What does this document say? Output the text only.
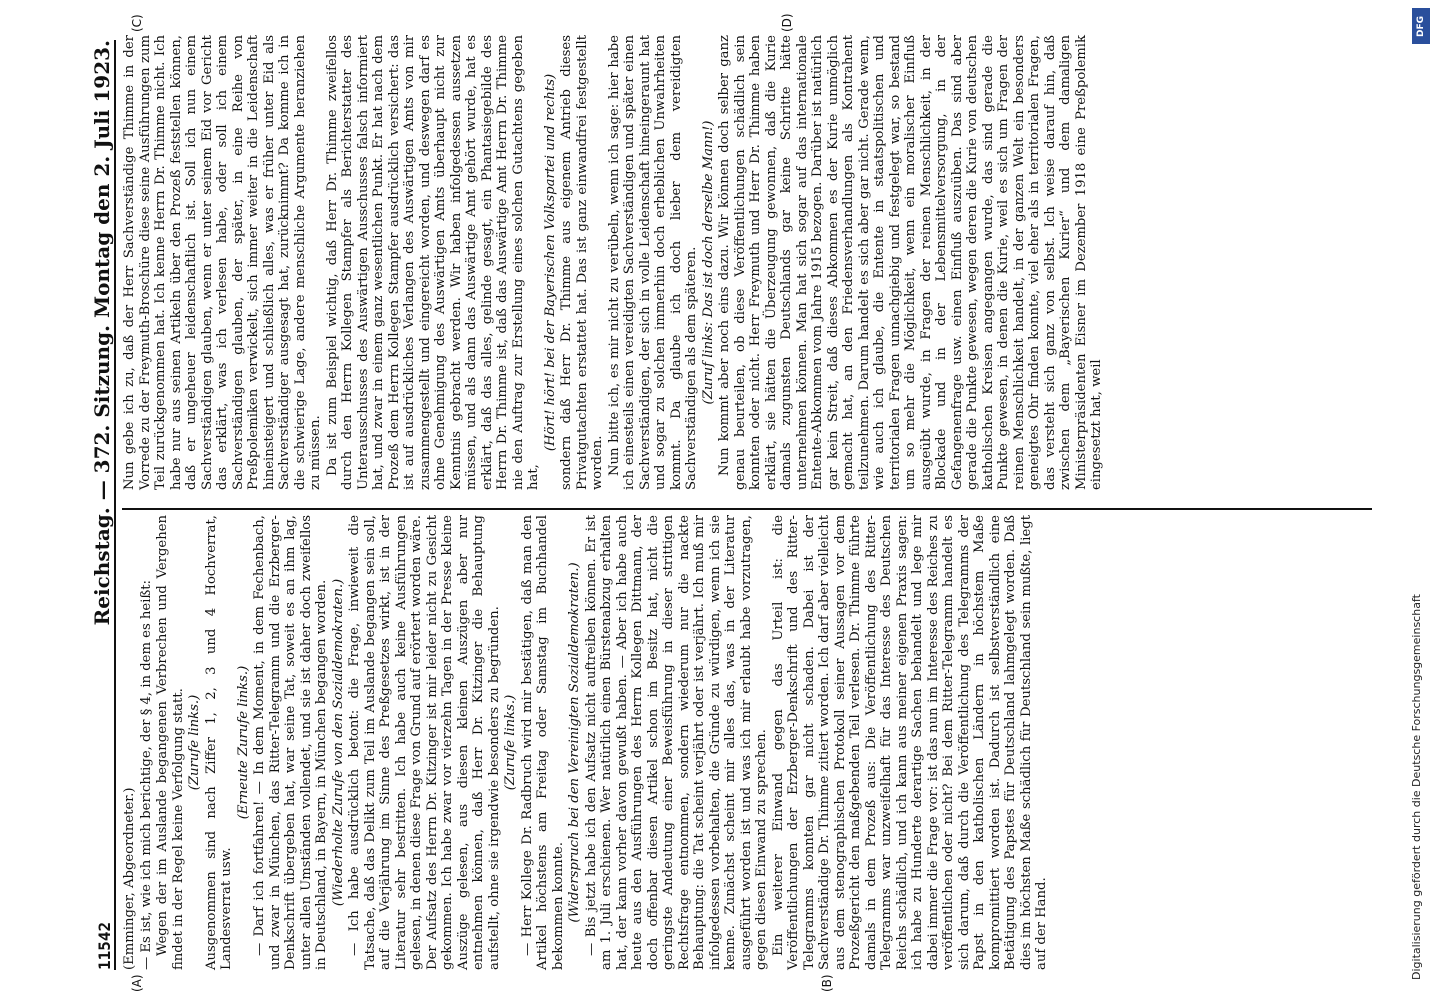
11542
Reichstag. — 372. Sitzung. Montag den 2. Juli 1923.
(A)	(B)
(C)	(D)

(Emminger, Abgeordneter.) — Es ist, wie ich mich berichtige, der § 4, in dem es heißt: Wegen der im Auslande begangenen Verbrechen und Vergehen findet in der Regel keine Verfolgung statt. (Zurufe links.) Ausgenommen sind nach Ziffer 1, 2, 3 und 4 Hochverrat, Landesverrat usw.

(Erneute Zurufe links.) — Darf ich fortfahren! — In dem Moment, in dem Fechenbach, und zwar in München, das Ritter-Telegramm und die Erzberger-Denkschrift übergeben hat, war seine Tat, soweit es an ihm lag, unter allen Umständen vollendet, und sie ist daher doch zweifellos in Deutschland, in Bayern, in München begangen worden. (Wiederholte Zurufe von den Sozialdemokraten.) — Ich habe ausdrücklich betont: die Frage, inwieweit die Tatsache, daß das Delikt zum Teil im Auslande begangen sein soll, auf die Verjährung im Sinne des Preßgesetzes wirkt, ist in der Literatur sehr bestritten. Ich habe auch keine Ausführungen gelesen, in denen diese Frage von Grund auf erörtert worden wäre. Der Aufsatz des Herrn Dr. Kitzinger ist mir leider nicht zu Gesicht gekommen. Ich habe zwar vor vierzehn Tagen in der Presse kleine Auszüge gelesen, aus diesen kleinen Auszügen aber nur entnehmen können, daß Herr Dr. Kitzinger die Behauptung aufstellt, ohne sie irgendwie besonders zu begründen. (Zurufe links.) — Herr Kollege Dr. Radbruch wird mir bestätigen, daß man den Artikel höchstens am Freitag oder Samstag im Buchhandel bekommen konnte. (Widerspruch bei den Vereinigten Sozialdemokraten.) — Bis jetzt habe ich den Aufsatz nicht auftreiben können. Er ist am 1. Juli erschienen. Wer natürlich einen Bürstenabzug erhalten hat, der kann vorher davon gewußt haben. — Aber ich habe auch heute aus den Ausführungen des Herrn Kollegen Dittmann, der doch offenbar diesen Artikel schon im Besitz hat, nicht die geringste Andeutung einer Beweisführung in dieser strittigen Rechtsfrage entnommen, sondern wiederum nur die nackte Behauptung: die Tat scheint verjährt oder ist verjährt. Ich muß mir infolgedessen vorbehalten, die Gründe zu würdigen, wenn ich sie kenne. Zunächst scheint mir alles das, was in der Literatur ausgeführt worden ist und was ich mir erlaubt habe vorzutragen, gegen diesen Einwand zu sprechen. Ein weiterer Einwand gegen das Urteil ist: die Veröffentlichungen der Erzberger-Denkschrift und des Ritter-Telegramms konnten gar nicht schaden. Dabei ist der Sachverständige Dr. Thimme zitiert worden. Ich darf aber vielleicht aus dem stenographischen Protokoll seiner Aussagen vor dem Prozeßgericht den maßgebenden Teil verlesen. Dr. Thimme führte damals in dem Prozeß aus: Die Veröffentlichung des Ritter-Telegramms war unzweifelhaft für das Interesse des Deutschen Reichs schädlich, und ich kann aus meiner eigenen Praxis sagen: ich habe zu Hunderte derartige Sachen behandelt und lege mir dabei immer die Frage vor: ist das nun im Interesse des Reiches zu veröffentlichen oder nicht? Bei dem Ritter-Telegramm handelt es sich darum, daß durch die Veröffentlichung des Telegramms der Papst in den katholischen Ländern in höchstem Maße kompromittiert worden ist. Dadurch ist selbstverständlich eine Betätigung des Papstes für Deutschland lahmgelegt worden. Daß dies im höchsten Maße schädlich für Deutschland sein mußte, liegt auf der Hand.

Nun gebe ich zu, daß der Herr Sachverständige Thimme in der Vorrede zu der Freymuth-Broschüre diese seine Ausführungen zum Teil zurückgenommen hat. Ich kenne Herrn Dr. Thimme nicht. Ich habe nur aus seinen Artikeln über den Prozeß feststellen können, daß er ungeheuer leidenschaftlich ist. Soll ich nun einem Sachverständigen glauben, wenn er unter seinem Eid vor Gericht das erklärt, was ich verlesen habe, oder soll ich einem Sachverständigen glauben, der später, in eine Reihe von Preßpolemiken verwickelt, sich immer weiter in die Leidenschaft hineinsteigert und schließlich alles, was er früher unter Eid als Sachverständiger ausgesagt hat, zurücknimmt? Da komme ich in die schwierige Lage, andere menschliche Argumente heranziehen zu müssen. Da ist zum Beispiel wichtig, daß Herr Dr. Thimme zweifellos durch den Herrn Kollegen Stampfer als Berichterstatter des Unterausschusses des Auswärtigen Ausschusses falsch informiert hat, und zwar in einem ganz wesentlichen Punkt. Er hat nach dem Prozeß dem Herrn Kollegen Stampfer ausdrücklich versichert: das ist auf ausdrückliches Verlangen des Auswärtigen Amts von mir zusammengestellt und eingereicht worden, und deswegen darf es ohne Genehmigung des Auswärtigen Amts überhaupt nicht zur Kenntnis gebracht werden. Wir haben infolgedessen aussetzen müssen, und als dann das Auswärtige Amt gehört wurde, hat es erklärt, daß das alles, gelinde gesagt, ein Phantasiegebilde des Herrn Dr. Thimme ist, daß das Auswärtige Amt Herrn Dr. Thimme nie den Auftrag zur Erstellung eines solchen Gutachtens gegeben hat,

(Hört! hört! bei der Bayerischen Volkspartei und rechts) sondern daß Herr Dr. Thimme aus eigenem Antrieb dieses Privatgutachten erstattet hat. Das ist ganz einwandfrei festgestellt worden. Nun bitte ich, es mir nicht zu verübeln, wenn ich sage: hier habe ich einesteils einen vereidigten Sachverständigen und später einen Sachverständigen, der sich in volle Leidenschaft hineingeraunt hat und sogar zu solchen immerhin doch erheblichen Unwahrheiten kommt. Da glaube ich doch lieber dem vereidigten Sachverständigen als dem späteren. (Zuruf links: Das ist doch derselbe Mann!) Nun kommt aber noch eins dazu. Wir können doch selber ganz genau beurteilen, ob diese Veröffentlichungen schädlich sein konnten oder nicht. Herr Freymuth und Herr Dr. Thimme haben erklärt, sie hätten die Überzeugung gewonnen, daß die Kurie damals zugunsten Deutschlands gar keine Schritte hätte unternehmen können. Man hat sich sogar auf das internationale Entente-Abkommen vom Jahre 1915 bezogen. Darüber ist natürlich gar kein Streit, daß dieses Abkommen es der Kurie unmöglich gemacht hat, an den Friedensverhandlungen als Kontrahent teilzunehmen. Darum handelt es sich aber gar nicht. Gerade wenn, wie auch ich glaube, die Entente in staatspolitischen und territorialen Fragen unnachgiebig und festgelegt war, so bestand um so mehr die Möglichkeit, wenn ein moralischer Einfluß ausgeübt wurde, in Fragen der reinen Menschlichkeit, in der Blockade und in der Lebensmittelversorgung, in der Gefangenenfrage usw. einen Einfluß auszuüben. Das sind aber gerade die Punkte gewesen, wegen deren die Kurie von deutschen katholischen Kreisen angegangen wurde, das sind gerade die Punkte gewesen, in denen die Kurie, weil es sich um Fragen der reinen Menschlichkeit handelt, in der ganzen Welt ein besonders geneigtes Ohr finden konnte, viel eher als in territorialen Fragen, das versteht sich ganz von selbst. Ich weise darauf hin, daß zwischen dem „Bayerischen Kurier“ und dem damaligen Ministerpräsidenten Eisner im Dezember 1918 eine Preßpolemik eingesetzt hat, weil

DFG
Digitalisierung gefördert durch die Deutsche Forschungsgemeinschaft
